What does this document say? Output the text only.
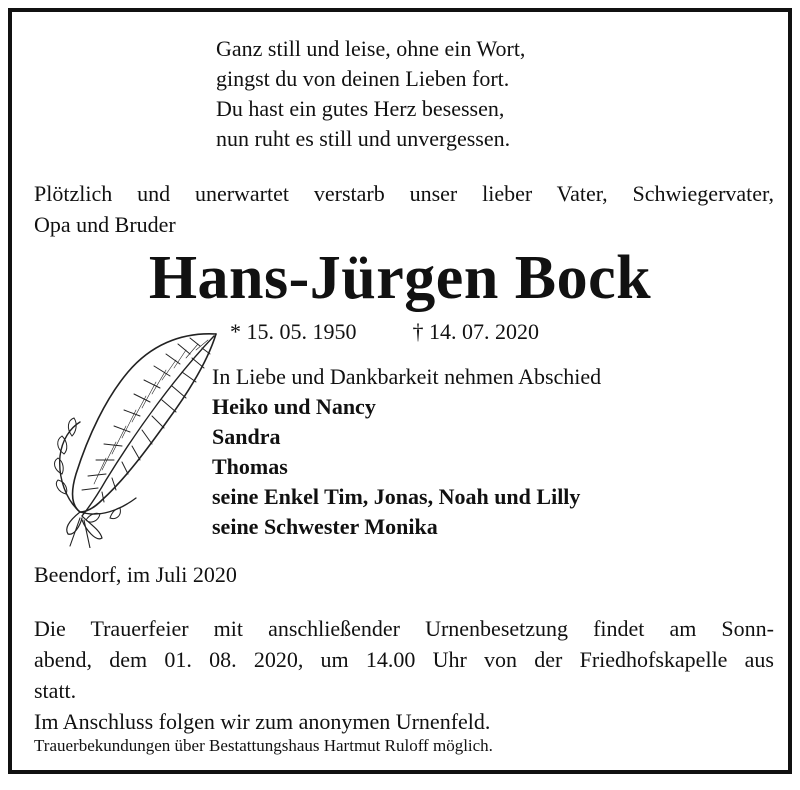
Ganz still und leise, ohne ein Wort,
gingst du von deinen Lieben fort.
Du hast ein gutes Herz besessen,
nun ruht es still und unvergessen.
Plötzlich und unerwartet verstarb unser lieber Vater, Schwiegervater,
Opa und Bruder
Hans-Jürgen Bock
* 15. 05. 1950	† 14. 07. 2020
In Liebe und Dankbarkeit nehmen Abschied
Heiko und Nancy
Sandra
Thomas
seine Enkel Tim, Jonas, Noah und Lilly
seine Schwester Monika
Beendorf, im Juli 2020
Die Trauerfeier mit anschließender Urnenbesetzung findet am Sonn-
abend, dem 01. 08. 2020, um 14.00 Uhr von der Friedhofskapelle aus
statt.
Im Anschluss folgen wir zum anonymen Urnenfeld.
Trauerbekundungen über Bestattungshaus Hartmut Ruloff möglich.
